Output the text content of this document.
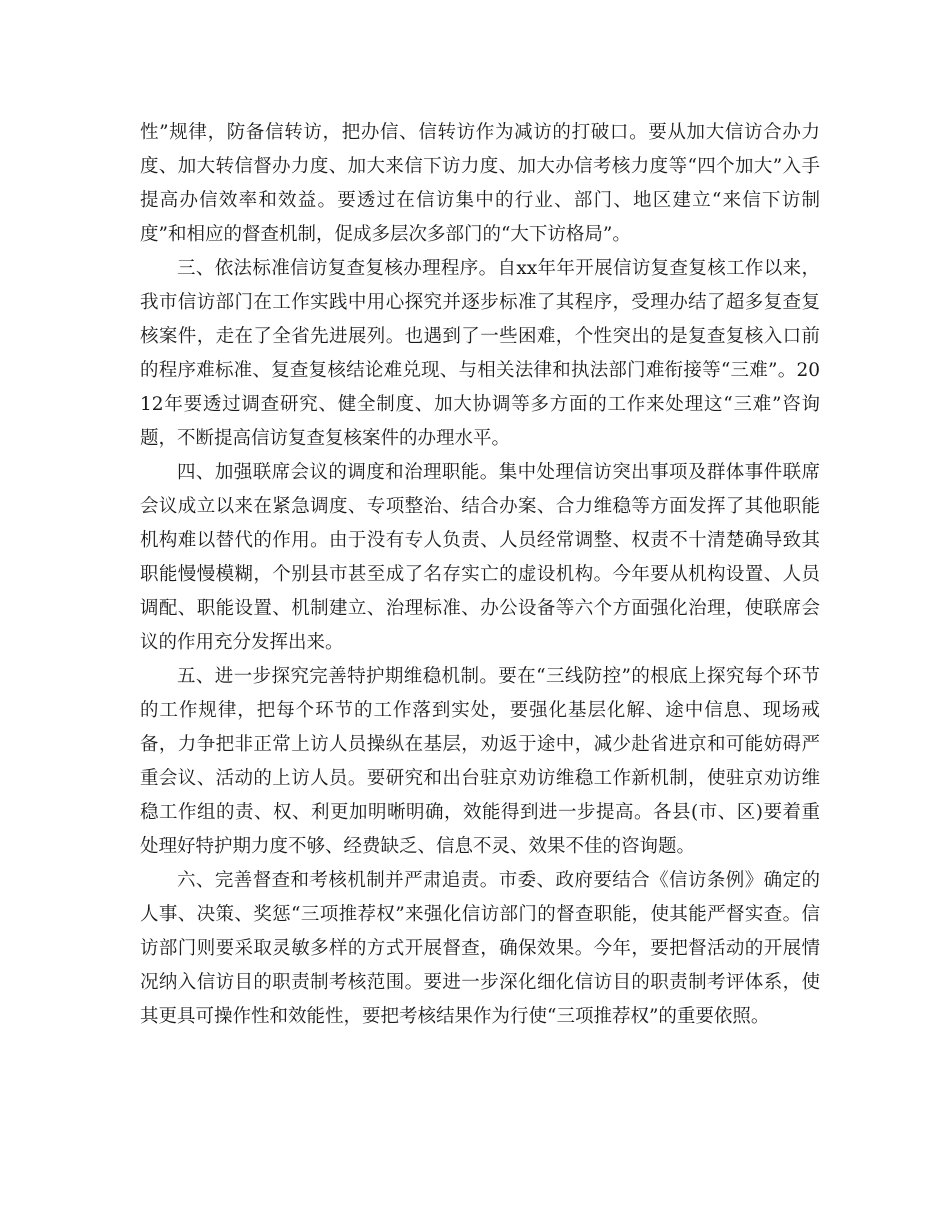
性”规律，防备信转访，把办信、信转访作为减访的打破口。要从加大信访合办力度、加大转信督办力度、加大来信下访力度、加大办信考核力度等“四个加大”入手提高办信效率和效益。要透过在信访集中的行业、部门、地区建立“来信下访制度”和相应的督查机制，促成多层次多部门的“大下访格局”。

三、依法标准信访复查复核办理程序。自xx年年开展信访复查复核工作以来，我市信访部门在工作实践中用心探究并逐步标准了其程序，受理办结了超多复查复核案件，走在了全省先进展列。也遇到了一些困难，个性突出的是复查复核入口前的程序难标准、复查复核结论难兑现、与相关法律和执法部门难衔接等“三难”。2012年要透过调查研究、健全制度、加大协调等多方面的工作来处理这“三难”咨询题，不断提高信访复查复核案件的办理水平。

四、加强联席会议的调度和治理职能。集中处理信访突出事项及群体事件联席会议成立以来在紧急调度、专项整治、结合办案、合力维稳等方面发挥了其他职能机构难以替代的作用。由于没有专人负责、人员经常调整、权责不十清楚确导致其职能慢慢模糊，个别县市甚至成了名存实亡的虚设机构。今年要从机构设置、人员调配、职能设置、机制建立、治理标准、办公设备等六个方面强化治理，使联席会议的作用充分发挥出来。

五、进一步探究完善特护期维稳机制。要在“三线防控”的根底上探究每个环节的工作规律，把每个环节的工作落到实处，要强化基层化解、途中信息、现场戒备，力争把非正常上访人员操纵在基层，劝返于途中，减少赴省进京和可能妨碍严重会议、活动的上访人员。要研究和出台驻京劝访维稳工作新机制，使驻京劝访维稳工作组的责、权、利更加明晰明确，效能得到进一步提高。各县(市、区)要着重处理好特护期力度不够、经费缺乏、信息不灵、效果不佳的咨询题。

六、完善督查和考核机制并严肃追责。市委、政府要结合《信访条例》确定的人事、决策、奖惩“三项推荐权”来强化信访部门的督查职能，使其能严督实查。信访部门则要采取灵敏多样的方式开展督查，确保效果。今年，要把督活动的开展情况纳入信访目的职责制考核范围。要进一步深化细化信访目的职责制考评体系，使其更具可操作性和效能性，要把考核结果作为行使“三项推荐权”的重要依照。
